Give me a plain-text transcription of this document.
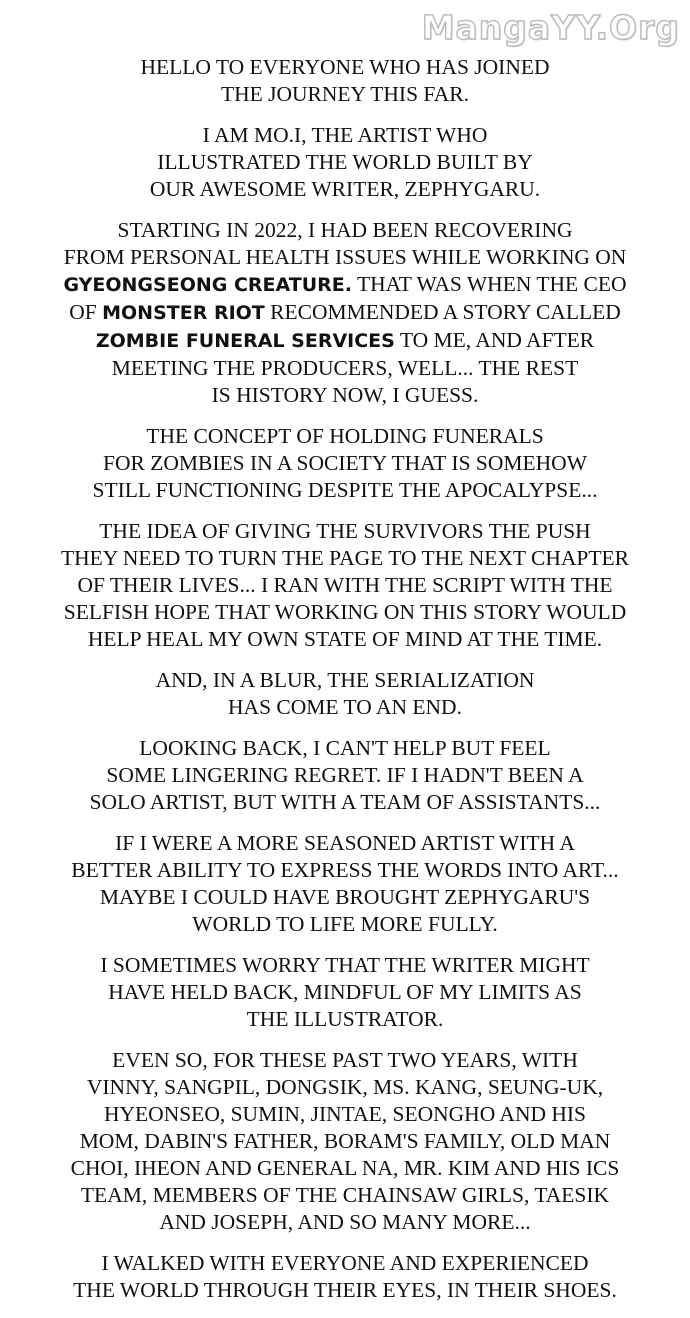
MangaYY.Org
HELLO TO EVERYONE WHO HAS JOINED
THE JOURNEY THIS FAR.
I AM MO.I, THE ARTIST WHO
ILLUSTRATED THE WORLD BUILT BY
OUR AWESOME WRITER, ZEPHYGARU.
STARTING IN 2022, I HAD BEEN RECOVERING
FROM PERSONAL HEALTH ISSUES WHILE WORKING ON
GYEONGSEONG CREATURE. THAT WAS WHEN THE CEO
OF MONSTER RIOT RECOMMENDED A STORY CALLED
ZOMBIE FUNERAL SERVICES TO ME, AND AFTER
MEETING THE PRODUCERS, WELL... THE REST
IS HISTORY NOW, I GUESS.
THE CONCEPT OF HOLDING FUNERALS
FOR ZOMBIES IN A SOCIETY THAT IS SOMEHOW
STILL FUNCTIONING DESPITE THE APOCALYPSE...
THE IDEA OF GIVING THE SURVIVORS THE PUSH
THEY NEED TO TURN THE PAGE TO THE NEXT CHAPTER
OF THEIR LIVES... I RAN WITH THE SCRIPT WITH THE
SELFISH HOPE THAT WORKING ON THIS STORY WOULD
HELP HEAL MY OWN STATE OF MIND AT THE TIME.
AND, IN A BLUR, THE SERIALIZATION
HAS COME TO AN END.
LOOKING BACK, I CAN'T HELP BUT FEEL
SOME LINGERING REGRET. IF I HADN'T BEEN A
SOLO ARTIST, BUT WITH A TEAM OF ASSISTANTS...
IF I WERE A MORE SEASONED ARTIST WITH A
BETTER ABILITY TO EXPRESS THE WORDS INTO ART...
MAYBE I COULD HAVE BROUGHT ZEPHYGARU'S
WORLD TO LIFE MORE FULLY.
I SOMETIMES WORRY THAT THE WRITER MIGHT
HAVE HELD BACK, MINDFUL OF MY LIMITS AS
THE ILLUSTRATOR.
EVEN SO, FOR THESE PAST TWO YEARS, WITH
VINNY, SANGPIL, DONGSIK, MS. KANG, SEUNG-UK,
HYEONSEO, SUMIN, JINTAE, SEONGHO AND HIS
MOM, DABIN'S FATHER, BORAM'S FAMILY, OLD MAN
CHOI, IHEON AND GENERAL NA, MR. KIM AND HIS ICS
TEAM, MEMBERS OF THE CHAINSAW GIRLS, TAESIK
AND JOSEPH, AND SO MANY MORE...
I WALKED WITH EVERYONE AND EXPERIENCED
THE WORLD THROUGH THEIR EYES, IN THEIR SHOES.
